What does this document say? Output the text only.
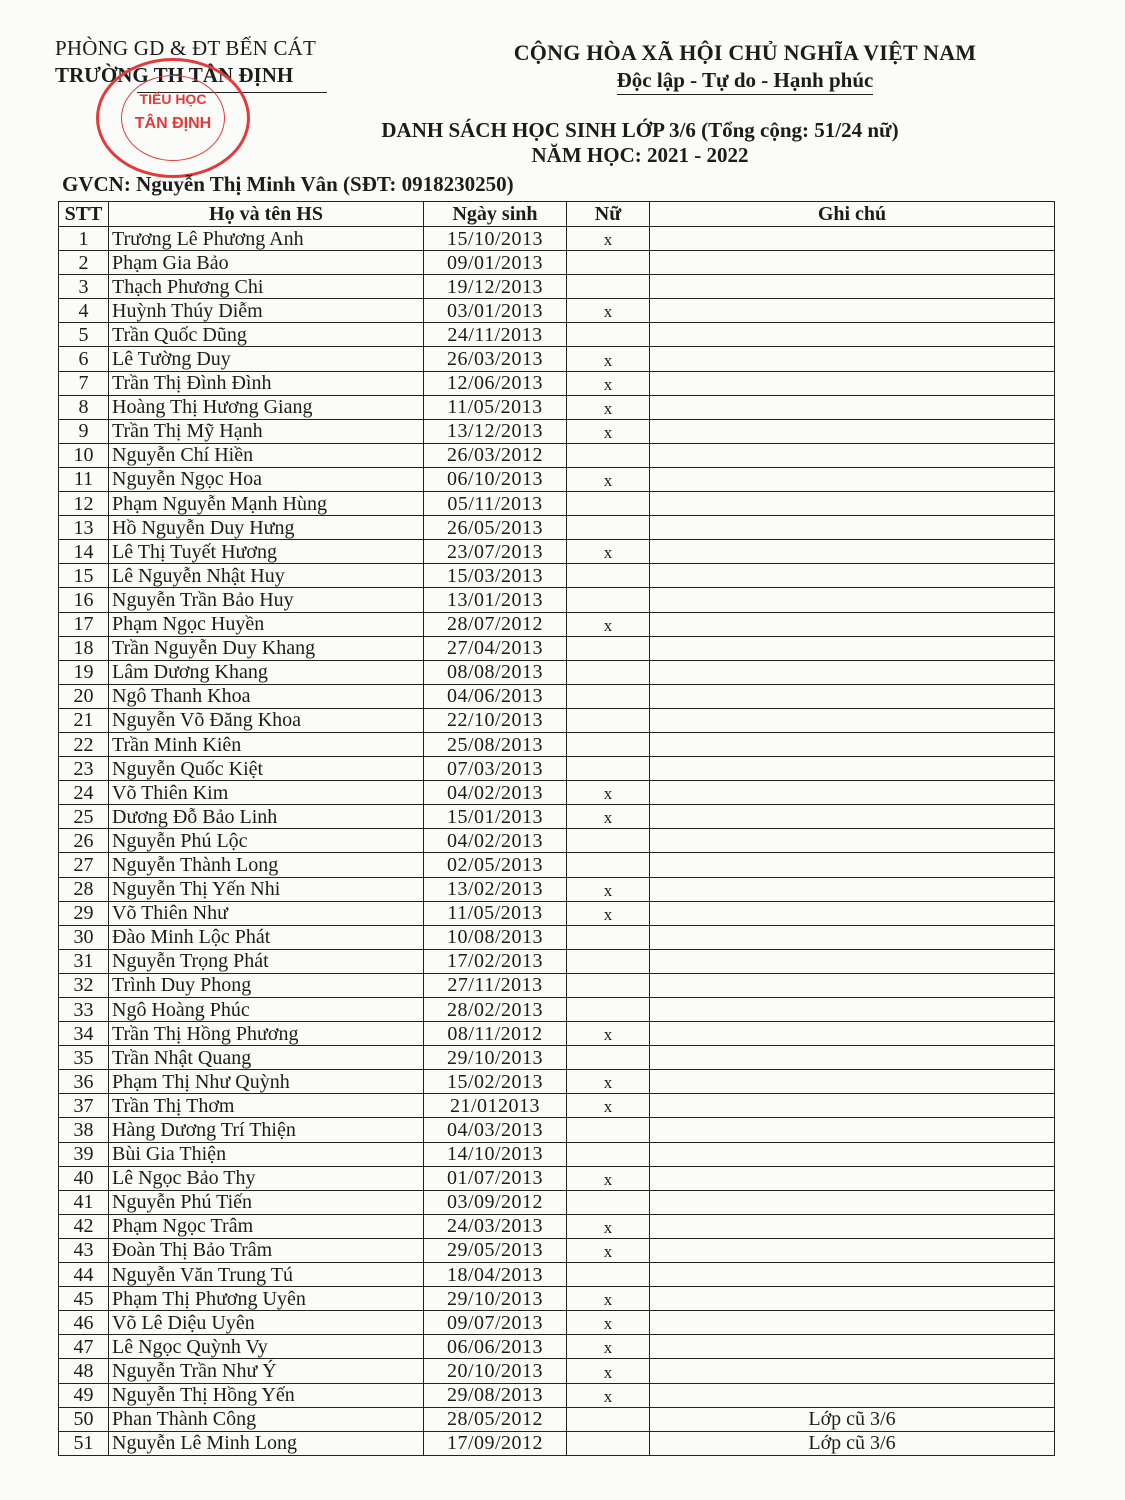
PHÒNG GD & ĐT BẾN CÁT
TRƯỜNG TH TÂN ĐỊNH
TIỂU HỌC
TÂN ĐỊNH
CỘNG HÒA XÃ HỘI CHỦ NGHĨA VIỆT NAM
Độc lập - Tự do - Hạnh phúc
DANH SÁCH HỌC SINH LỚP 3/6 (Tổng cộng: 51/24 nữ)
NĂM HỌC: 2021 - 2022
GVCN: Nguyễn Thị Minh Vân (SĐT: 0918230250)
STT	Họ và tên HS	Ngày sinh	Nữ	Ghi chú
1	Trương Lê Phương Anh	15/10/2013	x	
2	Phạm Gia Bảo	09/01/2013		
3	Thạch Phương Chi	19/12/2013		
4	Huỳnh Thúy Diễm	03/01/2013	x	
5	Trần Quốc Dũng	24/11/2013		
6	Lê Tường Duy	26/03/2013	x	
7	Trần Thị Đình Đình	12/06/2013	x	
8	Hoàng Thị Hương Giang	11/05/2013	x	
9	Trần Thị Mỹ Hạnh	13/12/2013	x	
10	Nguyễn Chí Hiền	26/03/2012		
11	Nguyễn Ngọc Hoa	06/10/2013	x	
12	Phạm Nguyễn Mạnh Hùng	05/11/2013		
13	Hồ Nguyễn Duy Hưng	26/05/2013		
14	Lê Thị Tuyết Hương	23/07/2013	x	
15	Lê Nguyễn Nhật Huy	15/03/2013		
16	Nguyễn Trần Bảo Huy	13/01/2013		
17	Phạm Ngọc Huyền	28/07/2012	x	
18	Trần Nguyễn Duy Khang	27/04/2013		
19	Lâm Dương Khang	08/08/2013		
20	Ngô Thanh Khoa	04/06/2013		
21	Nguyễn Võ Đăng Khoa	22/10/2013		
22	Trần Minh Kiên	25/08/2013		
23	Nguyễn Quốc Kiệt	07/03/2013		
24	Võ Thiên Kim	04/02/2013	x	
25	Dương Đỗ Bảo Linh	15/01/2013	x	
26	Nguyễn Phú Lộc	04/02/2013		
27	Nguyễn Thành Long	02/05/2013		
28	Nguyễn Thị Yến Nhi	13/02/2013	x	
29	Võ Thiên Như	11/05/2013	x	
30	Đào Minh Lộc Phát	10/08/2013		
31	Nguyễn Trọng Phát	17/02/2013		
32	Trình Duy Phong	27/11/2013		
33	Ngô Hoàng Phúc	28/02/2013		
34	Trần Thị Hồng Phương	08/11/2012	x	
35	Trần Nhật Quang	29/10/2013		
36	Phạm Thị Như Quỳnh	15/02/2013	x	
37	Trần Thị Thơm	21/012013	x	
38	Hàng Dương Trí Thiện	04/03/2013		
39	Bùi Gia Thiện	14/10/2013		
40	Lê Ngọc Bảo Thy	01/07/2013	x	
41	Nguyễn Phú Tiến	03/09/2012		
42	Phạm Ngọc Trâm	24/03/2013	x	
43	Đoàn Thị Bảo Trâm	29/05/2013	x	
44	Nguyễn Văn Trung Tú	18/04/2013		
45	Phạm Thị Phương Uyên	29/10/2013	x	
46	Võ Lê Diệu Uyên	09/07/2013	x	
47	Lê Ngọc Quỳnh Vy	06/06/2013	x	
48	Nguyễn Trần Như Ý	20/10/2013	x	
49	Nguyễn Thị Hồng Yến	29/08/2013	x	
50	Phan Thành Công	28/05/2012		Lớp cũ 3/6
51	Nguyễn Lê Minh Long	17/09/2012		Lớp cũ 3/6
